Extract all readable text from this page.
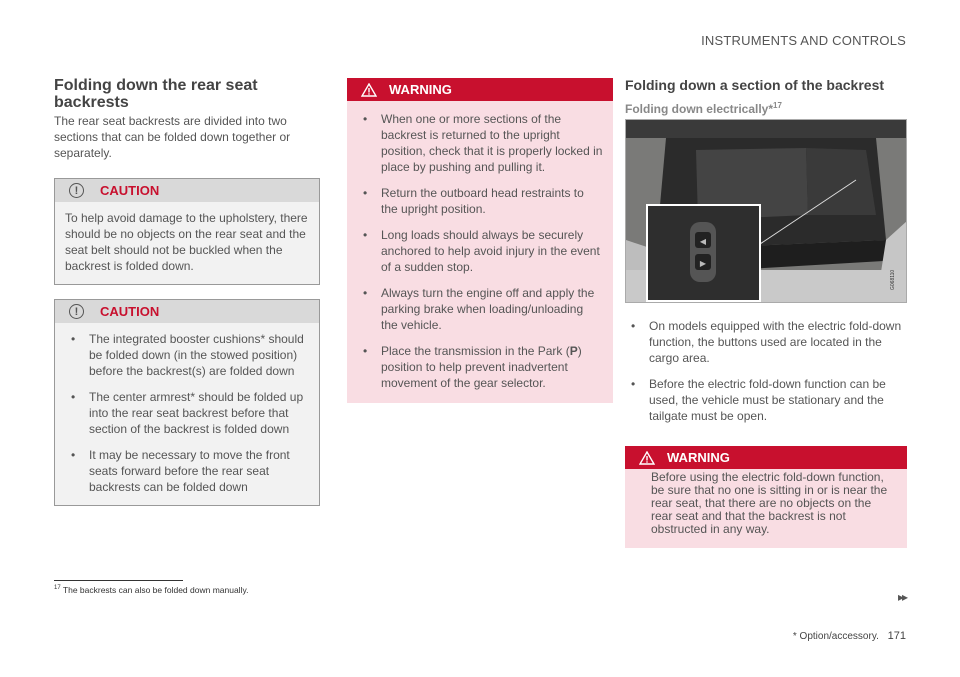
INSTRUMENTS AND CONTROLS
Folding down the rear seat backrests

The rear seat backrests are divided into two sections that can be folded down together or separately.

!	CAUTION
To help avoid damage to the upholstery, there should be no objects on the rear seat and the seat belt should not be buckled when the backrest is folded down.
!	CAUTION
• The integrated booster cushions* should be folded down (in the stowed position) before the backrest(s) are folded down
• The center armrest* should be folded up into the rear seat backrest before that section of the backrest is folded down
• It may be necessary to move the front seats forward before the rear seat backrests can be folded down
WARNING
• When one or more sections of the backrest is returned to the upright position, check that it is properly locked in place by pushing and pulling it.
• Return the outboard head restraints to the upright position.
• Long loads should always be securely anchored to help avoid injury in the event of a sudden stop.
• Always turn the engine off and apply the parking brake when loading/unloading the vehicle.
• Place the transmission in the Park (P) position to help prevent inadvertent movement of the gear selector.
Folding down a section of the backrest
Folding down electrically*$^{17}$
G068110
◀
▶
• On models equipped with the electric fold-down function, the buttons used are located in the cargo area.
• Before the electric fold-down function can be used, the vehicle must be stationary and the tailgate must be open.
WARNING
Before using the electric fold-down function, be sure that no one is sitting in or is near the rear seat, that there are no objects on the rear seat and that the backrest is not obstructed in any way.
$^{17}$ The backrests can also be folded down manually.	▸▸
* Option/accessory. 171
